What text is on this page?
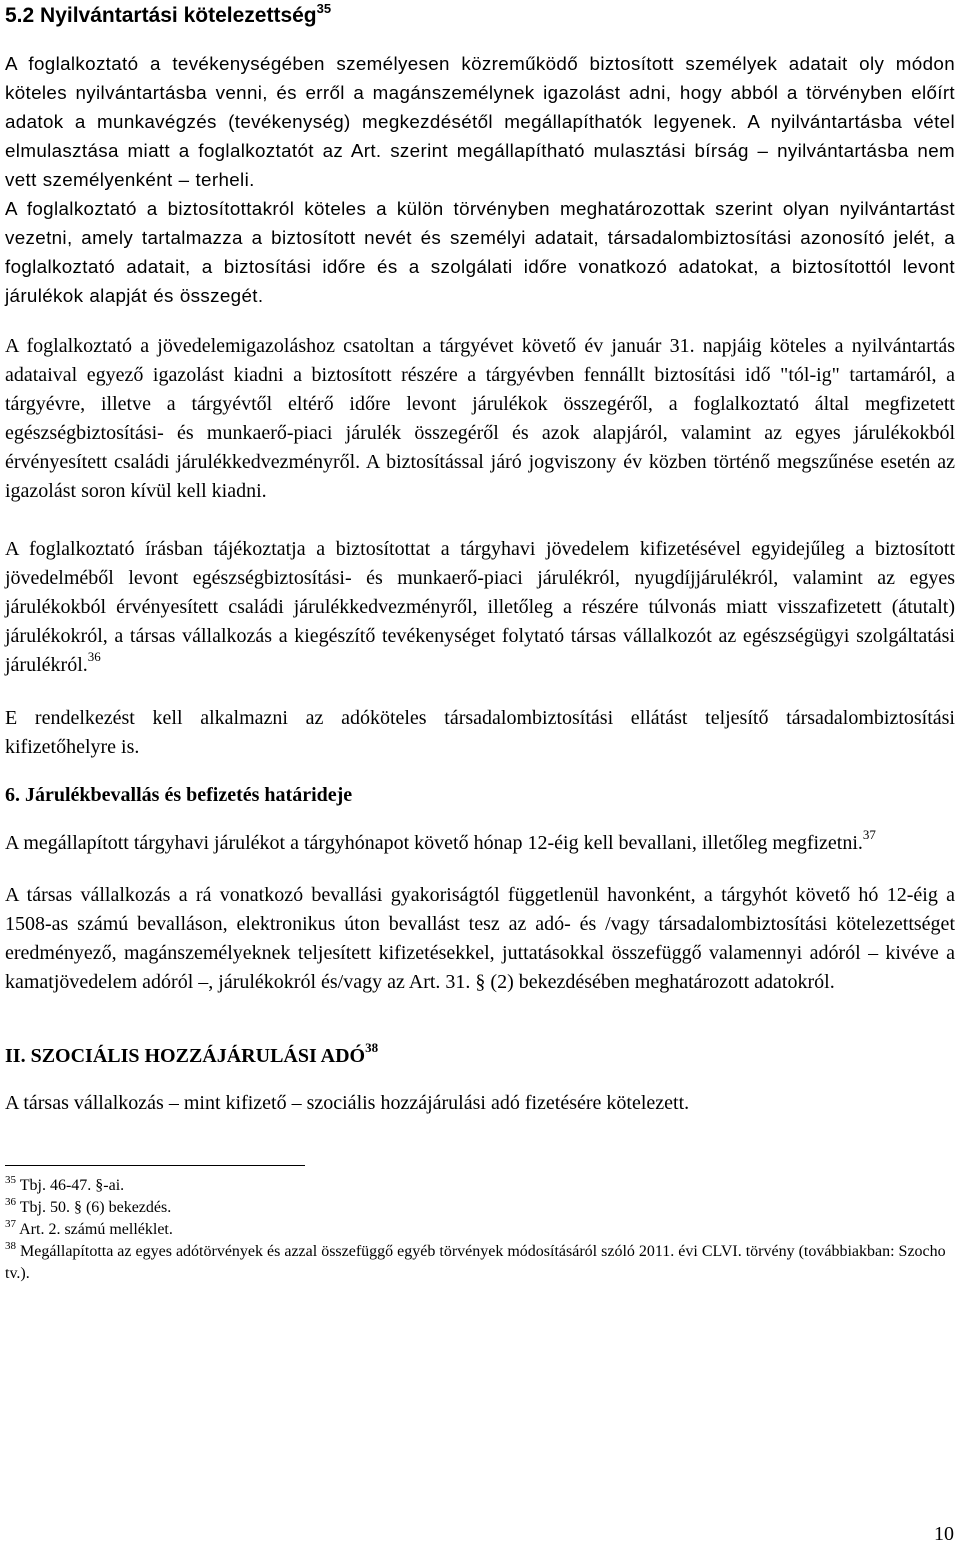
5.2 Nyilvántartási kötelezettség$^{35}$

A foglalkoztató a tevékenységében személyesen közreműködő biztosított személyek adatait oly módon köteles nyilvántartásba venni, és erről a magánszemélynek igazolást adni, hogy abból a törvényben előírt adatok a munkavégzés (tevékenység) megkezdésétől megállapíthatók legyenek. A nyilvántartásba vétel elmulasztása miatt a foglalkoztatót az Art. szerint megállapítható mulasztási bírság – nyilvántartásba nem vett személyenként – terheli.

A foglalkoztató a biztosítottakról köteles a külön törvényben meghatározottak szerint olyan nyilvántartást vezetni, amely tartalmazza a biztosított nevét és személyi adatait, társadalombiztosítási azonosító jelét, a foglalkoztató adatait, a biztosítási időre és a szolgálati időre vonatkozó adatokat, a biztosítottól levont járulékok alapját és összegét.

A foglalkoztató a jövedelemigazoláshoz csatoltan a tárgyévet követő év január 31. napjáig köteles a nyilvántartás adataival egyező igazolást kiadni a biztosított részére a tárgyévben fennállt biztosítási idő "tól-ig" tartamáról, a tárgyévre, illetve a tárgyévtől eltérő időre levont járulékok összegéről, a foglalkoztató által megfizetett egészségbiztosítási- és munkaerő-piaci járulék összegéről és azok alapjáról, valamint az egyes járulékokból érvényesített családi járulékkedvezményről. A biztosítással járó jogviszony év közben történő megszűnése esetén az igazolást soron kívül kell kiadni.

A foglalkoztató írásban tájékoztatja a biztosítottat a tárgyhavi jövedelem kifizetésével egyidejűleg a biztosított jövedelméből levont egészségbiztosítási- és munkaerő-piaci járulékról, nyugdíjjárulékról, valamint az egyes járulékokból érvényesített családi járulékkedvezményről, illetőleg a részére túlvonás miatt visszafizetett (átutalt) járulékokról, a társas vállalkozás a kiegészítő tevékenységet folytató társas vállalkozót az egészségügyi szolgáltatási járulékról.$^{36}$

E rendelkezést kell alkalmazni az adóköteles társadalombiztosítási ellátást teljesítő társadalombiztosítási kifizetőhelyre is.

6. Járulékbevallás és befizetés határideje

A megállapított tárgyhavi járulékot a tárgyhónapot követő hónap 12-éig kell bevallani, illetőleg megfizetni.$^{37}$

A társas vállalkozás a rá vonatkozó bevallási gyakoriságtól függetlenül havonként, a tárgyhót követő hó 12-éig a 1508-as számú bevalláson, elektronikus úton bevallást tesz az adó- és /vagy társadalombiztosítási kötelezettséget eredményező, magánszemélyeknek teljesített kifizetésekkel, juttatásokkal összefüggő valamennyi adóról – kivéve a kamatjövedelem adóról –, járulékokról és/vagy az Art. 31. § (2) bekezdésében meghatározott adatokról.

II. SZOCIÁLIS HOZZÁJÁRULÁSI ADÓ$^{38}$

A társas vállalkozás – mint kifizető – szociális hozzájárulási adó fizetésére kötelezett.

$^{35}$ Tbj. 46-47. §-ai.
$^{36}$ Tbj. 50. § (6) bekezdés.
$^{37}$ Art. 2. számú melléklet.
$^{38}$ Megállapította az egyes adótörvények és azzal összefüggő egyéb törvények módosításáról szóló 2011. évi CLVI. törvény (továbbiakban: Szocho tv.).
10
